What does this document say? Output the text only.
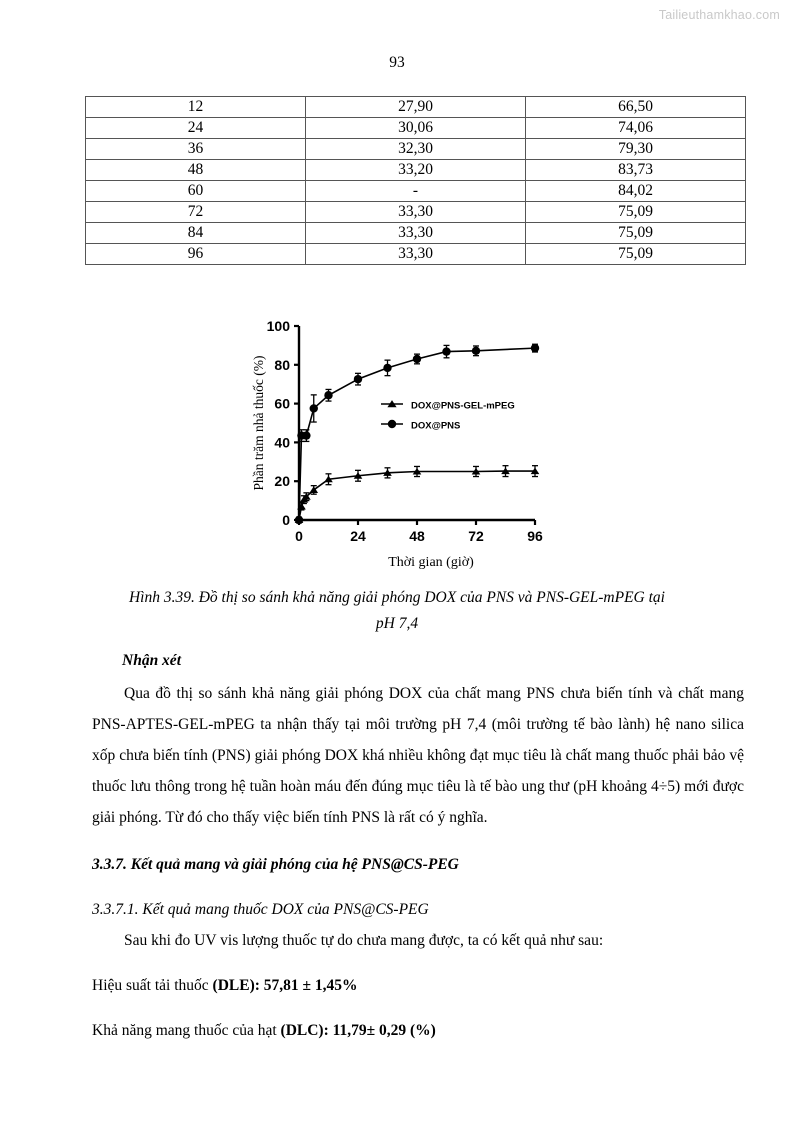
Tailieuthamkhao.com
93
12	27,90	66,50
24	30,06	74,06
36	32,30	79,30
48	33,20	83,73
60	-	84,02
72	33,30	75,09
84	33,30	75,09
96	33,30	75,09
0
20
40
60
80
100
0	24	48	72	96
Thời gian (giờ)
Phần trăm nhả thuốc (%)	DOX@PNS-GEL-mPEG
DOX@PNS
Hình 3.39. Đồ thị so sánh khả năng giải phóng DOX của PNS và PNS-GEL-mPEG tại
pH 7,4
Nhận xét

Qua đồ thị so sánh khả năng giải phóng DOX của chất mang PNS chưa biến tính và chất mang PNS-APTES-GEL-mPEG ta nhận thấy tại môi trường pH 7,4 (môi trường tế bào lành) hệ nano silica xốp chưa biến tính (PNS) giải phóng DOX khá nhiều không đạt mục tiêu là chất mang thuốc phải bảo vệ thuốc lưu thông trong hệ tuần hoàn máu đến đúng mục tiêu là tế bào ung thư (pH khoảng 4÷5) mới được giải phóng. Từ đó cho thấy việc biến tính PNS là rất có ý nghĩa.

3.3.7. Kết quả mang và giải phóng của hệ PNS@CS-PEG
3.3.7.1. Kết quả mang thuốc DOX của PNS@CS-PEG

Sau khi đo UV vis lượng thuốc tự do chưa mang được, ta có kết quả như sau:

Hiệu suất tải thuốc (DLE): 57,81 ± 1,45%

Khả năng mang thuốc của hạt (DLC): 11,79± 0,29 (%)
